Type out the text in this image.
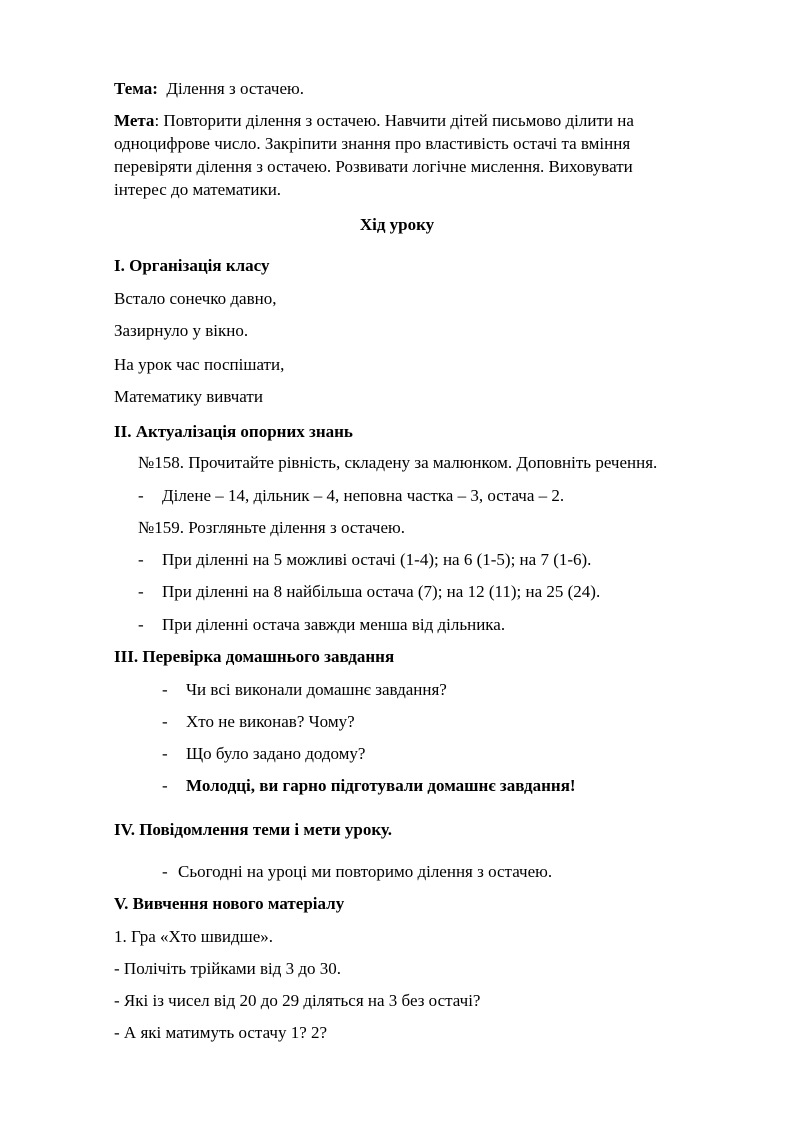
Тема: Ділення з остачею.
Мета: Повторити ділення з остачею. Навчити дітей письмово ділити на
одноцифрове число. Закріпити знання про властивість остачі та вміння
перевіряти ділення з остачею. Розвивати логічне мислення. Виховувати
інтерес до математики.
Хід уроку
І. Організація класу
Встало сонечко давно,
Зазирнуло у вікно.
На урок час поспішати,
Математику вивчати
ІІ. Актуалізація опорних знань
№158. Прочитайте рівність, складену за малюнком. Доповніть речення.
- Ділене – 14, дільник – 4, неповна частка – 3, остача – 2.
№159. Розгляньте ділення з остачею.
- При діленні на 5 можливі остачі (1-4); на 6 (1-5); на 7 (1-6).
- При діленні на 8 найбільша остача (7); на 12 (11); на 25 (24).
- При діленні остача завжди менша від дільника.
ІІІ. Перевірка домашнього завдання
- Чи всі виконали домашнє завдання?
- Хто не виконав? Чому?
- Що було задано додому?
- Молодці, ви гарно підготували домашнє завдання!
ІV. Повідомлення теми і мети уроку.
- Сьогодні на уроці ми повторимо ділення з остачею.
V. Вивчення нового матеріалу
1. Гра «Хто швидше».
- Полічіть трійками від 3 до 30.
- Які із чисел від 20 до 29 діляться на 3 без остачі?
- А які матимуть остачу 1? 2?
